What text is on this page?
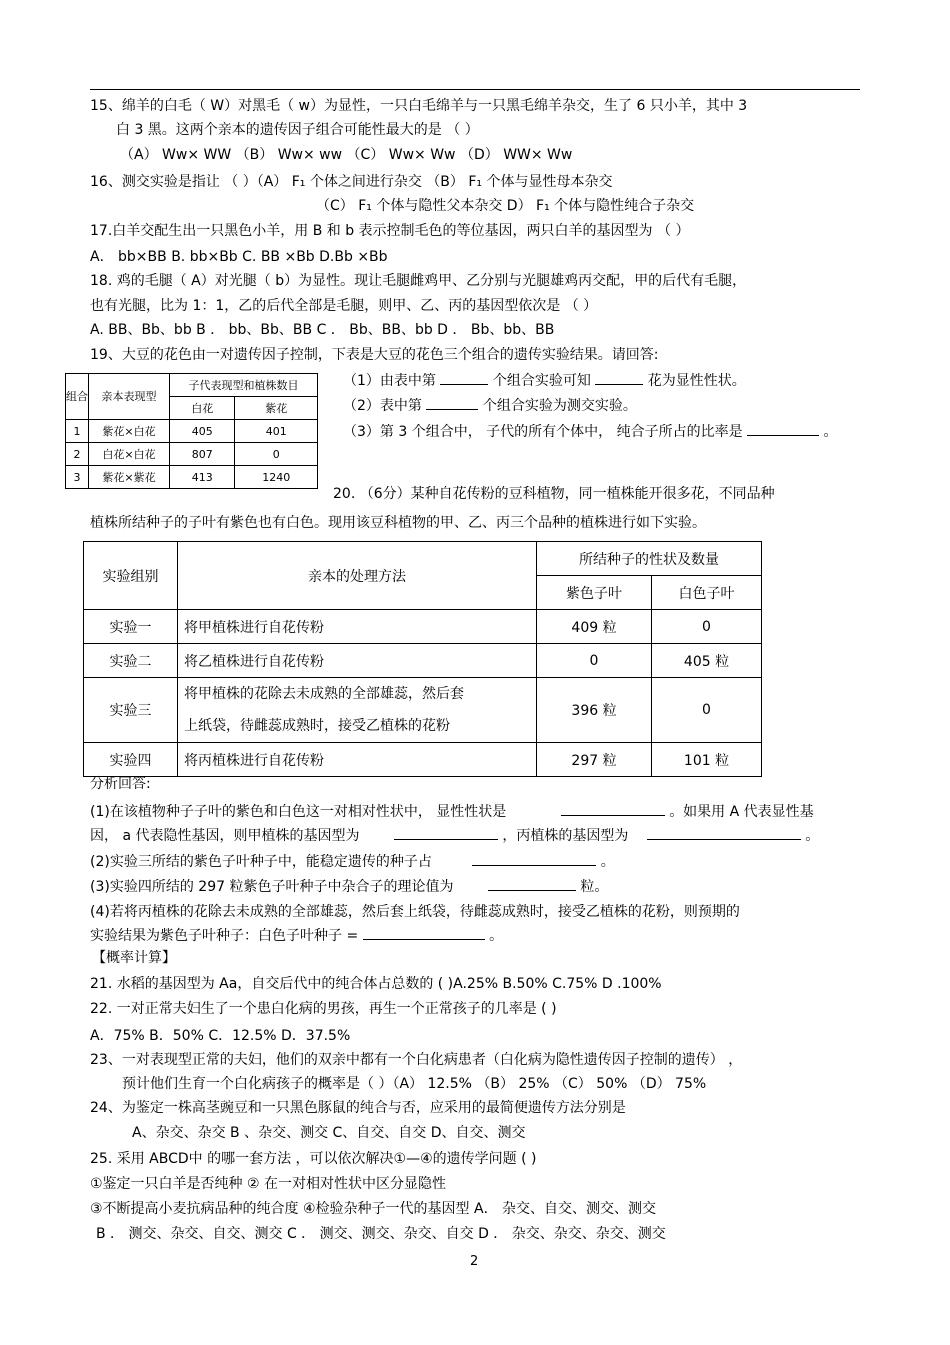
15、绵羊的白毛（ W）对黑毛（ w）为显性，一只白毛绵羊与一只黑毛绵羊杂交，生了 6 只小羊，其中 3
白 3 黑。这两个亲本的遗传因子组合可能性最大的是 （ ）
（A） Ww× WW （B） Ww× ww （C） Ww× Ww （D） WW× Ww
16、测交实验是指让 （ ）（A） F₁ 个体之间进行杂交 （B） F₁ 个体与显性母本杂交
（C） F₁ 个体与隐性父本杂交 D） F₁ 个体与隐性纯合子杂交
17.白羊交配生出一只黑色小羊，用 B 和 b 表示控制毛色的等位基因，两只白羊的基因型为 （ ）
A． bb×BB B. bb×Bb C. BB ×Bb D.Bb ×Bb
18. 鸡的毛腿（ A）对光腿（ b）为显性。现让毛腿雌鸡甲、乙分别与光腿雄鸡丙交配，甲的后代有毛腿，
也有光腿，比为 1：1，乙的后代全部是毛腿，则甲、乙、丙的基因型依次是 （ ）
A. BB、Bb、bb B ． bb、Bb、BB C ． Bb、BB、bb D ． Bb、bb、BB
19、大豆的花色由一对遗传因子控制，下表是大豆的花色三个组合的遗传实验结果。请回答:
组合	亲本表现型	子代表现型和植株数目	
		白花	紫花
1	紫花×白花	405	401
2	白花×白花	807	0
3	紫花×紫花	413	1240
（1）由表中第	个组合实验可知	花为显性性状。
（2）表中第	个组合实验为测交实验。
（3）第 3 个组合中， 子代的所有个体中， 纯合子所占的比率是	。
20. （6分）某种自花传粉的豆科植物，同一植株能开很多花，不同品种
植株所结种子的子叶有紫色也有白色。现用该豆科植物的甲、乙、丙三个品种的植株进行如下实验。
实验组别	亲本的处理方法	所结种子的性状及数量	
		紫色子叶	白色子叶
实验一	将甲植株进行自花传粉	409 粒	0
实验二	将乙植株进行自花传粉	0	405 粒
实验三	将甲植株的花除去未成熟的全部雄蕊，然后套
上纸袋，待雌蕊成熟时，接受乙植株的花粉	396 粒	0
实验四	将丙植株进行自花传粉	297 粒	101 粒
分析回答:
(1)在该植物种子子叶的紫色和白色这一对相对性状中， 显性性状是	。如果用 A 代表显性基
因， a 代表隐性基因，则甲植株的基因型为	，丙植株的基因型为	。
(2)实验三所结的紫色子叶种子中，能稳定遗传的种子占	。
(3)实验四所结的 297 粒紫色子叶种子中杂合子的理论值为	粒。
(4)若将丙植株的花除去未成熟的全部雄蕊，然后套上纸袋，待雌蕊成熟时，接受乙植株的花粉，则预期的
实验结果为紫色子叶种子：白色子叶种子 =	。
【概率计算】
21. 水稻的基因型为 Aa，自交后代中的纯合体占总数的 ( )A.25% B.50% C.75% D .100%
22. 一对正常夫妇生了一个患白化病的男孩，再生一个正常孩子的几率是 ( )
A．75% B．50% C．12.5% D．37.5%
23、一对表现型正常的夫妇，他们的双亲中都有一个白化病患者（白化病为隐性遗传因子控制的遗传） ，
预计他们生育一个白化病孩子的概率是（ ）（A） 12.5% （B） 25% （C） 50% （D） 75%
24、为鉴定一株高茎豌豆和一只黑色豚鼠的纯合与否，应采用的最简便遗传方法分别是
A、杂交、杂交 B 、杂交、测交 C、自交、自交 D、自交、测交
25. 采用 ABCD中 的哪一套方法 ，可以依次解决①—④的遗传学问题 ( )
①鉴定一只白羊是否纯种 ② 在一对相对性状中区分显隐性
③不断提高小麦抗病品种的纯合度 ④检验杂种子一代的基因型 A． 杂交、自交、测交、测交
B ． 测交、杂交、自交、测交 C ． 测交、测交、杂交、自交 D ． 杂交、杂交、杂交、测交
2
